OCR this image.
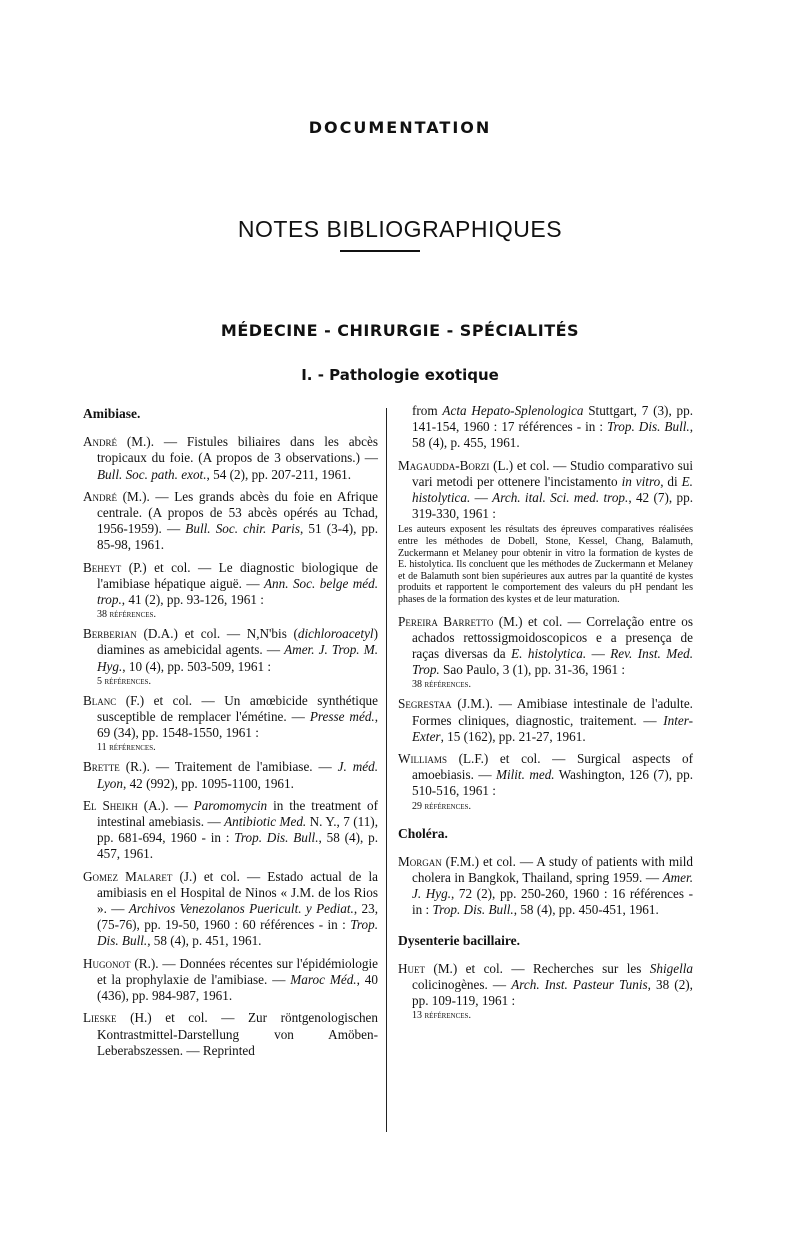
DOCUMENTATION
NOTES BIBLIOGRAPHIQUES
MÉDECINE - CHIRURGIE - SPÉCIALITÉS
I. - Pathologie exotique
Amibiase.

André (M.). — Fistules biliaires dans les abcès tropicaux du foie. (A propos de 3 observations.) — Bull. Soc. path. exot., 54 (2), pp. 207-211, 1961.

André (M.). — Les grands abcès du foie en Afrique centrale. (A propos de 53 abcès opérés au Tchad, 1956-1959). — Bull. Soc. chir. Paris, 51 (3-4), pp. 85-98, 1961.

Beheyt (P.) et col. — Le diagnostic biologique de l'amibiase hépatique aiguë. — Ann. Soc. belge méd. trop., 41 (2), pp. 93-126, 1961 :
38 références.

Berberian (D.A.) et col. — N,N'bis (dichloroacetyl) diamines as amebicidal agents. — Amer. J. Trop. M. Hyg., 10 (4), pp. 503-509, 1961 :
5 références.

Blanc (F.) et col. — Un amœbicide synthétique susceptible de remplacer l'émétine. — Presse méd., 69 (34), pp. 1548-1550, 1961 :
11 références.

Brette (R.). — Traitement de l'amibiase. — J. méd. Lyon, 42 (992), pp. 1095-1100, 1961.

El Sheikh (A.). — Paromomycin in the treatment of intestinal amebiasis. — Antibiotic Med. N. Y., 7 (11), pp. 681-694, 1960 - in : Trop. Dis. Bull., 58 (4), p. 457, 1961.

Gomez Malaret (J.) et col. — Estado actual de la amibiasis en el Hospital de Ninos « J.M. de los Rios ». — Archivos Venezolanos Puericult. y Pediat., 23, (75-76), pp. 19-50, 1960 : 60 références - in : Trop. Dis. Bull., 58 (4), p. 451, 1961.

Hugonot (R.). — Données récentes sur l'épidémiologie et la prophylaxie de l'amibiase. — Maroc Méd., 40 (436), pp. 984-987, 1961.

Lieske (H.) et col. — Zur röntgenologischen Kontrastmittel-Darstellung von Amöben-Leberabszessen. — Reprinted

from Acta Hepato-Splenologica Stuttgart, 7 (3), pp. 141-154, 1960 : 17 références - in : Trop. Dis. Bull., 58 (4), p. 455, 1961.

Magaudda-Borzi (L.) et col. — Studio comparativo sui vari metodi per ottenere l'incistamento in vitro, di E. histolytica. — Arch. ital. Sci. med. trop., 42 (7), pp. 319-330, 1961 :

Les auteurs exposent les résultats des épreuves comparatives réalisées entre les méthodes de Dobell, Stone, Kessel, Chang, Balamuth, Zuckermann et Melaney pour obtenir in vitro la formation de kystes de E. histolytica. Ils concluent que les méthodes de Zuckermann et Melaney et de Balamuth sont bien supérieures aux autres par la quantité de kystes produits et rapportent le comportement des valeurs du pH pendant les phases de la formation des kystes et de leur maturation.

Pereira Barretto (M.) et col. — Correlação entre os achados rettossigmoidoscopicos e a presença de raças diversas da E. histolytica. — Rev. Inst. Med. Trop. Sao Paulo, 3 (1), pp. 31-36, 1961 :
38 références.

Segrestaa (J.M.). — Amibiase intestinale de l'adulte. Formes cliniques, diagnostic, traitement. — Inter-Exter, 15 (162), pp. 21-27, 1961.

Williams (L.F.) et col. — Surgical aspects of amoebiasis. — Milit. med. Washington, 126 (7), pp. 510-516, 1961 :
29 références.

Choléra.

Morgan (F.M.) et col. — A study of patients with mild cholera in Bangkok, Thailand, spring 1959. — Amer. J. Hyg., 72 (2), pp. 250-260, 1960 : 16 références - in : Trop. Dis. Bull., 58 (4), pp. 450-451, 1961.

Dysenterie bacillaire.

Huet (M.) et col. — Recherches sur les Shigella colicinogènes. — Arch. Inst. Pasteur Tunis, 38 (2), pp. 109-119, 1961 :
13 références.
